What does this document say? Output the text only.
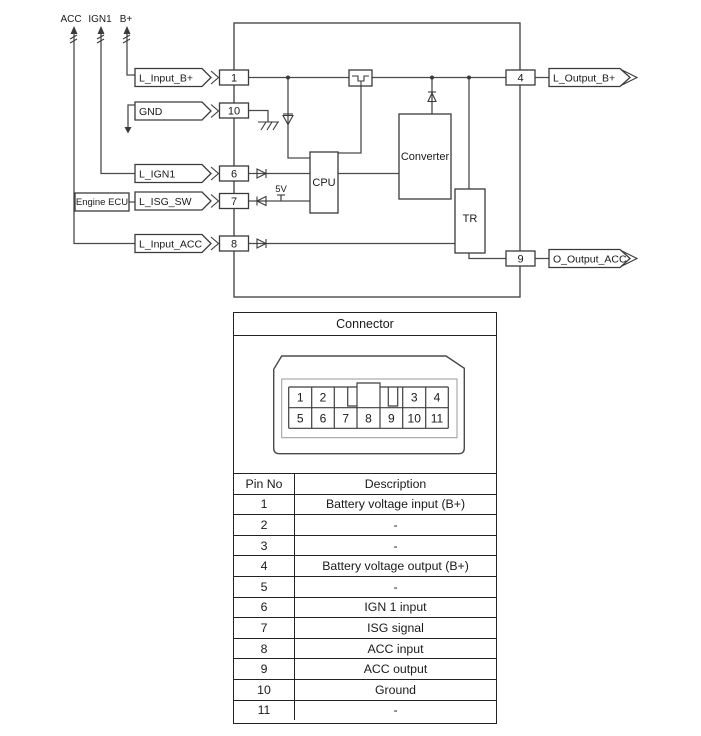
ACC IGN1 B+
5V
CPU
Converter
TR
Engine ECU
L_Input_B+
GND
L_IGN1
L_ISG_SW
L_Input_ACC
L_Output_B+
O_Output_ACC
1
10
6
7
8
4
9
Connector
1 2	3 4
5 6 7 8 9 10 11
Pin No	Description
1	Battery voltage input (B+)
2	-
3	-
4	Battery voltage output (B+)
5	-
6	IGN 1 input
7	ISG signal
8	ACC input
9	ACC output
10	Ground
11	-
